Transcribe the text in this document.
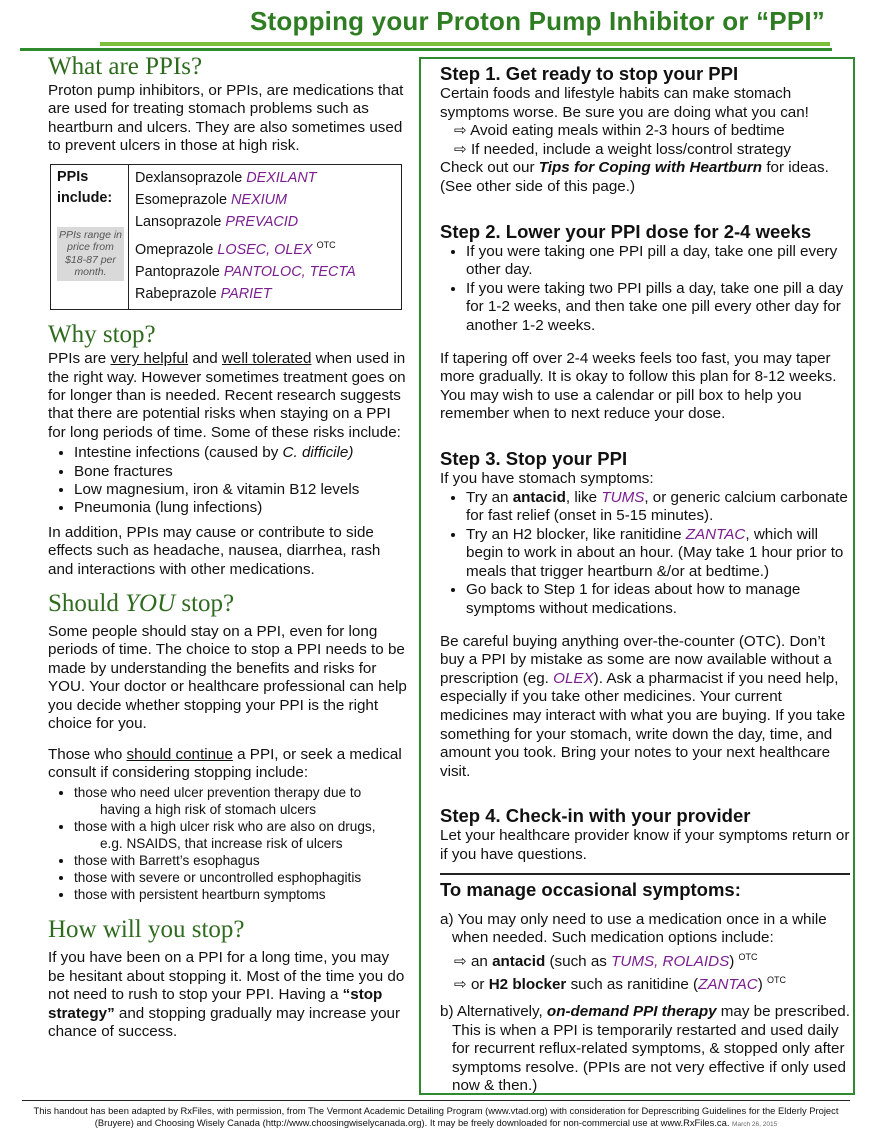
Stopping your Proton Pump Inhibitor or “PPI”
What are PPIs?

Proton pump inhibitors, or PPIs, are medications that are used for treating stomach problems such as heartburn and ulcers. They are also sometimes used to prevent ulcers in those at high risk.

PPIs include:
PPIs range in price from $18-87 per month.
Dexlansoprazole DEXILANT
Esomeprazole NEXIUM
Lansoprazole PREVACID
Omeprazole LOSEC, OLEX $^{OTC}$
Pantoprazole PANTOLOC, TECTA
Rabeprazole PARIET
Why stop?

PPIs are very helpful and well tolerated when used in the right way. However sometimes treatment goes on for longer than is needed. Recent research suggests that there are potential risks when staying on a PPI for long periods of time. Some of these risks include:

• Intestine infections (caused by C. difficile)
• Bone fractures
• Low magnesium, iron & vitamin B12 levels
• Pneumonia (lung infections)

In addition, PPIs may cause or contribute to side effects such as headache, nausea, diarrhea, rash and interactions with other medications.

Should YOU stop?

Some people should stay on a PPI, even for long periods of time. The choice to stop a PPI needs to be made by understanding the benefits and risks for YOU. Your doctor or healthcare professional can help you decide whether stopping your PPI is the right choice for you.

Those who should continue a PPI, or seek a medical consult if considering stopping include:

• those who need ulcer prevention therapy due to
having a high risk of stomach ulcers
• those with a high ulcer risk who are also on drugs,
e.g. NSAIDS, that increase risk of ulcers
• those with Barrett’s esophagus
• those with severe or uncontrolled esphophagitis
• those with persistent heartburn symptoms
How will you stop?

If you have been on a PPI for a long time, you may be hesitant about stopping it. Most of the time you do not need to rush to stop your PPI. Having a “stop strategy” and stopping gradually may increase your chance of success.

Step 1. Get ready to stop your PPI

Certain foods and lifestyle habits can make stomach symptoms worse. Be sure you are doing what you can!

⇨ Avoid eating meals within 2-3 hours of bedtime
⇨ If needed, include a weight loss/control strategy

Check out our Tips for Coping with Heartburn for ideas. (See other side of this page.)

Step 2. Lower your PPI dose for 2-4 weeks
• If you were taking one PPI pill a day, take one pill every other day.
• If you were taking two PPI pills a day, take one pill a day for 1-2 weeks, and then take one pill every other day for another 1-2 weeks.

If tapering off over 2-4 weeks feels too fast, you may taper more gradually. It is okay to follow this plan for 8-12 weeks. You may wish to use a calendar or pill box to help you remember when to next reduce your dose.

Step 3. Stop your PPI

If you have stomach symptoms:

• Try an antacid, like TUMS, or generic calcium carbonate for fast relief (onset in 5-15 minutes).
• Try an H2 blocker, like ranitidine ZANTAC, which will begin to work in about an hour. (May take 1 hour prior to meals that trigger heartburn &/or at bedtime.)
• Go back to Step 1 for ideas about how to manage symptoms without medications.

Be careful buying anything over-the-counter (OTC). Don’t buy a PPI by mistake as some are now available without a prescription (eg. OLEX). Ask a pharmacist if you need help, especially if you take other medicines. Your current medicines may interact with what you are buying. If you take something for your stomach, write down the day, time, and amount you took. Bring your notes to your next healthcare visit.

Step 4. Check-in with your provider

Let your healthcare provider know if your symptoms return or if you have questions.

To manage occasional symptoms:

a) You may only need to use a medication once in a while when needed. Such medication options include:

⇨ an antacid (such as TUMS, ROLAIDS) $^{OTC}$
⇨ or H2 blocker such as ranitidine (ZANTAC) $^{OTC}$

b) Alternatively, on-demand PPI therapy may be prescribed. This is when a PPI is temporarily restarted and used daily for recurrent reflux-related symptoms, & stopped only after symptoms resolve. (PPIs are not very effective if only used now & then.)

This handout has been adapted by RxFiles, with permission, from The Vermont Academic Detailing Program (www.vtad.org) with consideration for Deprescribing Guidelines for the Elderly Project (Bruyere) and Choosing Wisely Canada (http://www.choosingwiselycanada.org). It may be freely downloaded for non-commercial use at www.RxFiles.ca. March 26, 2015
